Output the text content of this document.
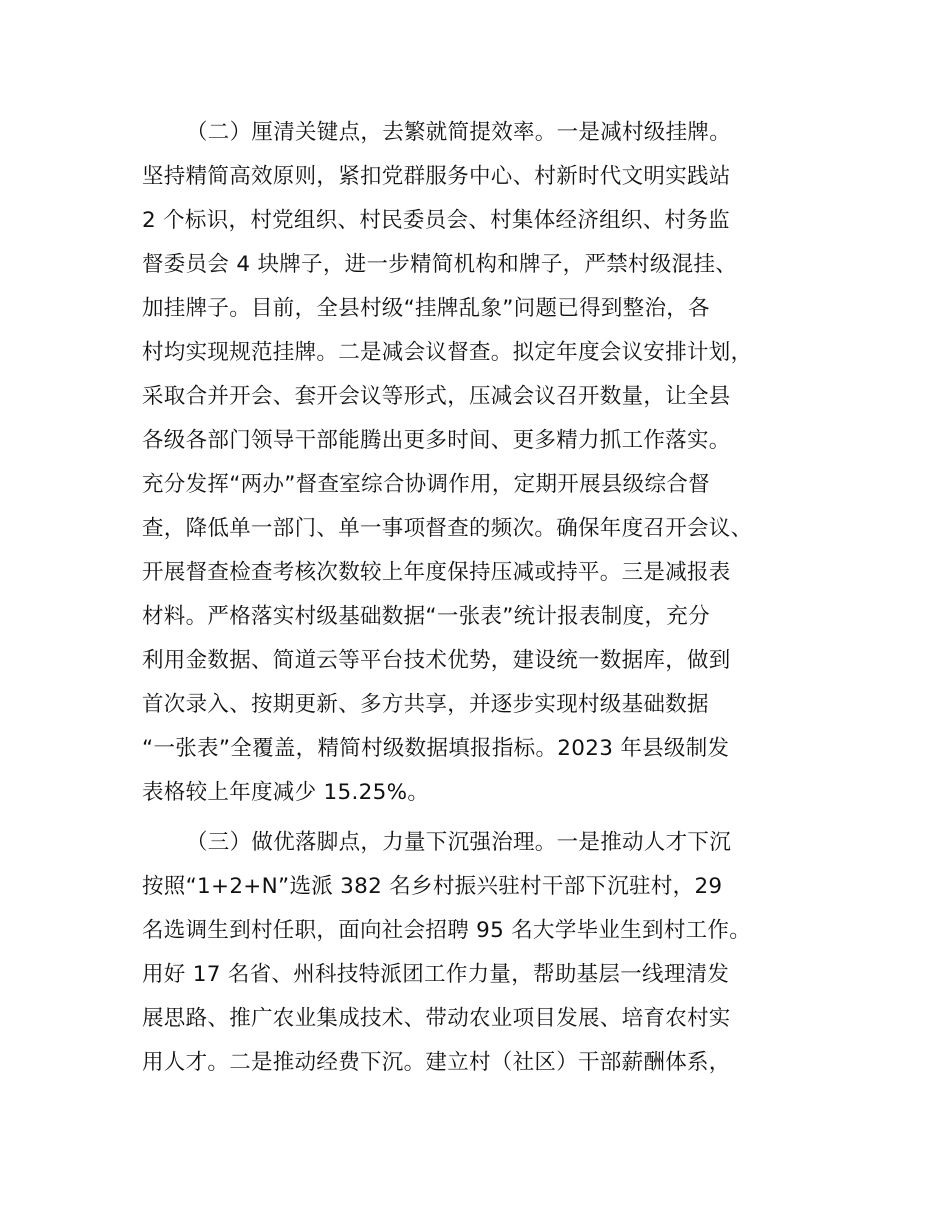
（二）厘清关键点，去繁就简提效率。一是减村级挂牌。
坚持精简高效原则，紧扣党群服务中心、村新时代文明实践站
2 个标识，村党组织、村民委员会、村集体经济组织、村务监
督委员会 4 块牌子，进一步精简机构和牌子，严禁村级混挂、
加挂牌子。目前，全县村级“挂牌乱象”问题已得到整治，各
村均实现规范挂牌。二是减会议督查。拟定年度会议安排计划，
采取合并开会、套开会议等形式，压减会议召开数量，让全县
各级各部门领导干部能腾出更多时间、更多精力抓工作落实。
充分发挥“两办”督查室综合协调作用，定期开展县级综合督
查，降低单一部门、单一事项督查的频次。确保年度召开会议、
开展督查检查考核次数较上年度保持压减或持平。三是减报表
材料。严格落实村级基础数据“一张表”统计报表制度，充分
利用金数据、简道云等平台技术优势，建设统一数据库，做到
首次录入、按期更新、多方共享，并逐步实现村级基础数据
“一张表”全覆盖，精简村级数据填报指标。2023 年县级制发
表格较上年度减少 15.25%。
（三）做优落脚点，力量下沉强治理。一是推动人才下沉
按照“1+2+N”选派 382 名乡村振兴驻村干部下沉驻村，29
名选调生到村任职，面向社会招聘 95 名大学毕业生到村工作。
用好 17 名省、州科技特派团工作力量，帮助基层一线理清发
展思路、推广农业集成技术、带动农业项目发展、培育农村实
用人才。二是推动经费下沉。建立村（社区）干部薪酬体系，
